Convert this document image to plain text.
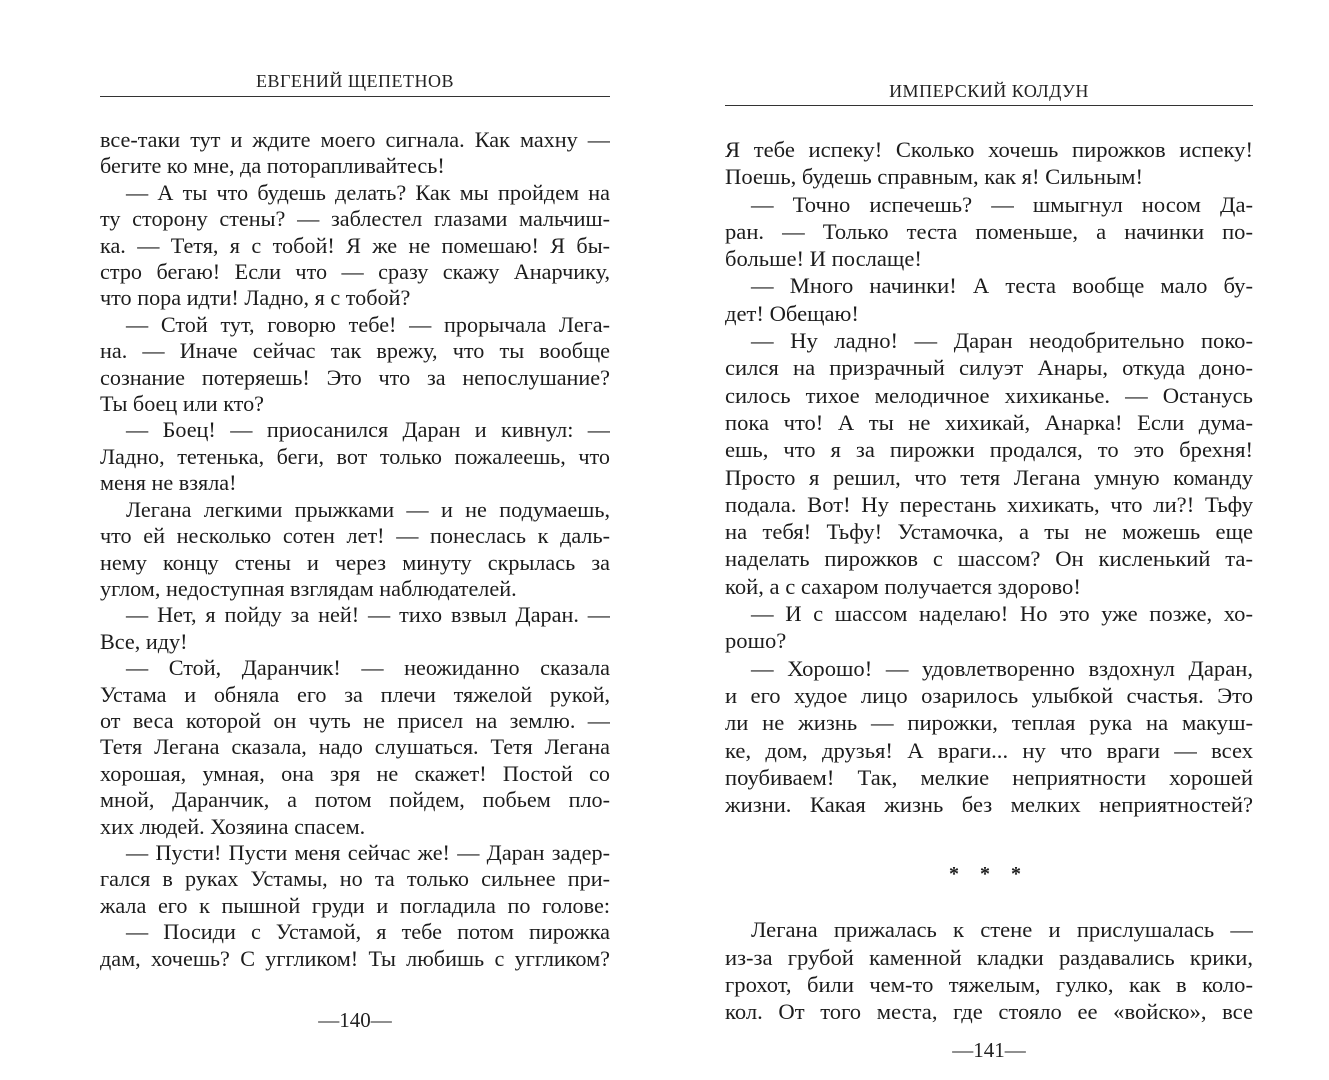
ЕВГЕНИЙ ЩЕПЕТНОВ
все-таки тут и ждите моего сигнала. Как махну —
бегите ко мне, да поторапливайтесь!
— А ты что будешь делать? Как мы пройдем на
ту сторону стены? — заблестел глазами мальчиш-
ка. — Тетя, я с тобой! Я же не помешаю! Я бы-
стро бегаю! Если что — сразу скажу Анарчику,
что пора идти! Ладно, я с тобой?
— Стой тут, говорю тебе! — прорычала Лега-
на. — Иначе сейчас так врежу, что ты вообще
сознание потеряешь! Это что за непослушание?
Ты боец или кто?
— Боец! — приосанился Даран и кивнул: —
Ладно, тетенька, беги, вот только пожалеешь, что
меня не взяла!
Легана легкими прыжками — и не подумаешь,
что ей несколько сотен лет! — понеслась к даль-
нему концу стены и через минуту скрылась за
углом, недоступная взглядам наблюдателей.
— Нет, я пойду за ней! — тихо взвыл Даран. —
Все, иду!
— Стой, Даранчик! — неожиданно сказала
Устама и обняла его за плечи тяжелой рукой,
от веса которой он чуть не присел на землю. —
Тетя Легана сказала, надо слушаться. Тетя Легана
хорошая, умная, она зря не скажет! Постой со
мной, Даранчик, а потом пойдем, побьем пло-
хих людей. Хозяина спасем.
— Пусти! Пусти меня сейчас же! — Даран задер-
гался в руках Устамы, но та только сильнее при-
жала его к пышной груди и погладила по голове:
— Посиди с Устамой, я тебе потом пирожка
дам, хочешь? С уггликом! Ты любишь с уггликом?
—140—
ИМПЕРСКИЙ КОЛДУН
Я тебе испеку! Сколько хочешь пирожков испеку!
Поешь, будешь справным, как я! Сильным!
— Точно испечешь? — шмыгнул носом Да-
ран. — Только теста поменьше, а начинки по-
больше! И послаще!
— Много начинки! А теста вообще мало бу-
дет! Обещаю!
— Ну ладно! — Даран неодобрительно поко-
сился на призрачный силуэт Анары, откуда доно-
силось тихое мелодичное хихиканье. — Останусь
пока что! А ты не хихикай, Анарка! Если дума-
ешь, что я за пирожки продался, то это брехня!
Просто я решил, что тетя Легана умную команду
подала. Вот! Ну перестань хихикать, что ли?! Тьфу
на тебя! Тьфу! Устамочка, а ты не можешь еще
наделать пирожков с шассом? Он кисленький та-
кой, а с сахаром получается здорово!
— И с шассом наделаю! Но это уже позже, хо-
рошо?
— Хорошо! — удовлетворенно вздохнул Даран,
и его худое лицо озарилось улыбкой счастья. Это
ли не жизнь — пирожки, теплая рука на макуш-
ке, дом, друзья! А враги... ну что враги — всех
поубиваем! Так, мелкие неприятности хорошей
жизни. Какая жизнь без мелких неприятностей?
* * *
Легана прижалась к стене и прислушалась —
из-за грубой каменной кладки раздавались крики,
грохот, били чем-то тяжелым, гулко, как в коло-
кол. От того места, где стояло ее «войско», все
—141—
